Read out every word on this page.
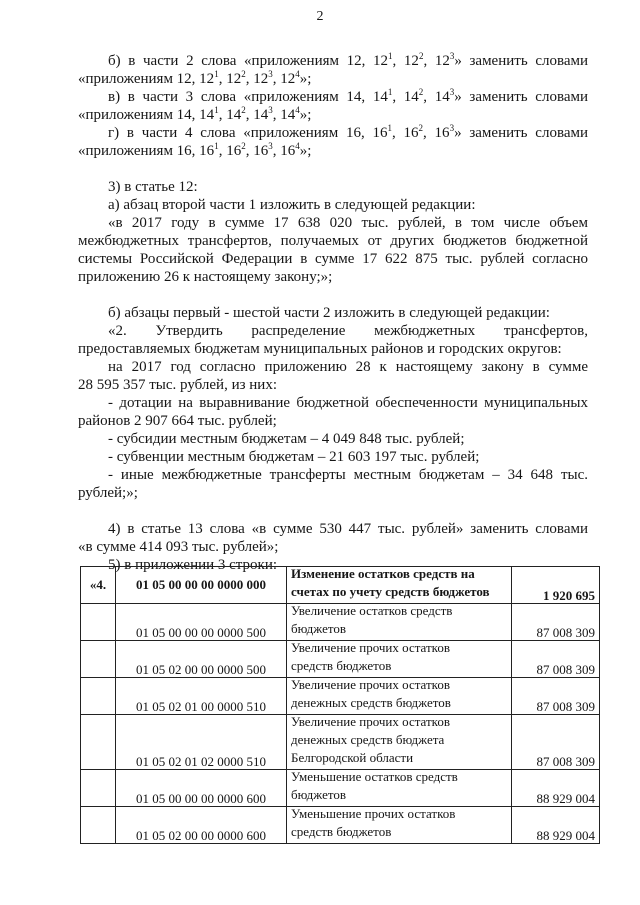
2
б) в части 2 слова «приложениям 12, $12^1$, $12^2$, $12^3$» заменить словами
«приложениям 12, $12^1$, $12^2$, $12^3$, $12^4$»;
в) в части 3 слова «приложениям 14, $14^1$, $14^2$, $14^3$» заменить словами
«приложениям 14, $14^1$, $14^2$, $14^3$, $14^4$»;
г) в части 4 слова «приложениям 16, $16^1$, $16^2$, $16^3$» заменить словами
«приложениям 16, $16^1$, $16^2$, $16^3$, $16^4$»;
3) в статье 12:
а) абзац второй части 1 изложить в следующей редакции:
«в 2017 году в сумме 17 638 020 тыс. рублей, в том числе объем
межбюджетных трансфертов, получаемых от других бюджетов бюджетной
системы Российской Федерации в сумме 17 622 875 тыс. рублей согласно
приложению 26 к настоящему закону;»;
б) абзацы первый - шестой части 2 изложить в следующей редакции:
«2. Утвердить распределение межбюджетных трансфертов,
предоставляемых бюджетам муниципальных районов и городских округов:
на 2017 год согласно приложению 28 к настоящему закону в сумме
28 595 357 тыс. рублей, из них:
- дотации на выравнивание бюджетной обеспеченности муниципальных
районов 2 907 664 тыс. рублей;
- субсидии местным бюджетам – 4 049 848 тыс. рублей;
- субвенции местным бюджетам – 21 603 197 тыс. рублей;
- иные межбюджетные трансферты местным бюджетам – 34 648 тыс.
рублей;»;
4) в статье 13 слова «в сумме 530 447 тыс. рублей» заменить словами
«в сумме 414 093 тыс. рублей»;
5) в приложении 3 строки:
«4.	01 05 00 00 00 0000 000	Изменение остатков средств на
счетах по учету средств бюджетов	1 920 695
	01 05 00 00 00 0000 500	Увеличение остатков средств
бюджетов	87 008 309
	01 05 02 00 00 0000 500	Увеличение прочих остатков
средств бюджетов	87 008 309
	01 05 02 01 00 0000 510	Увеличение прочих остатков
денежных средств бюджетов	87 008 309
	01 05 02 01 02 0000 510	Увеличение прочих остатков
денежных средств бюджета
Белгородской области	87 008 309
	01 05 00 00 00 0000 600	Уменьшение остатков средств
бюджетов	88 929 004
	01 05 02 00 00 0000 600	Уменьшение прочих остатков
средств бюджетов	88 929 004
